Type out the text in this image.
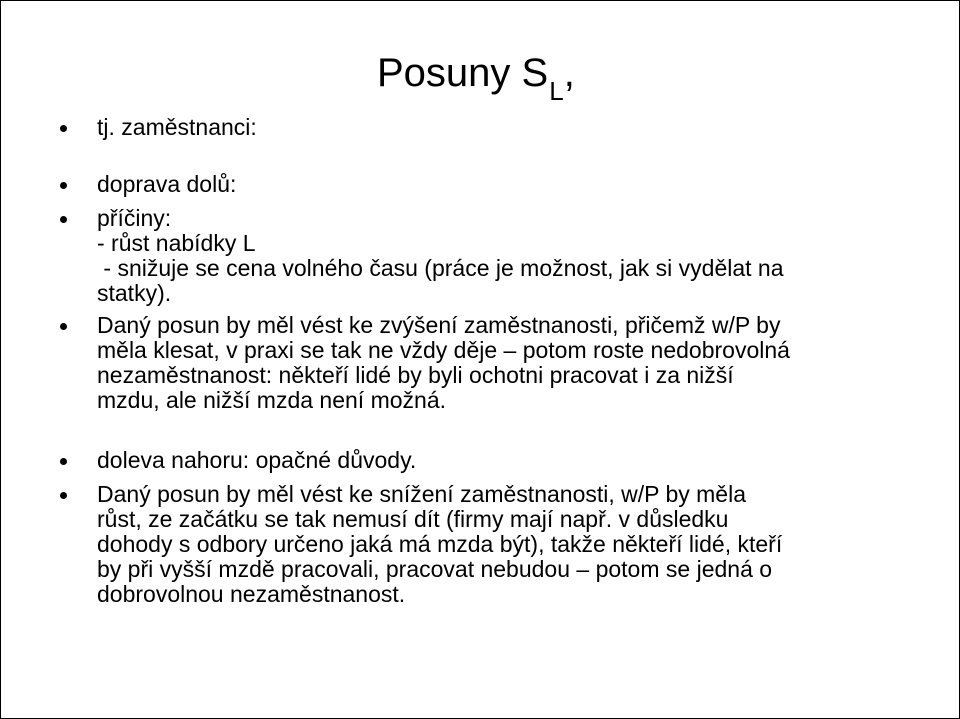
Posuny $S_L$,
tj. zaměstnanci:
doprava dolů:
příčiny:
- růst nabídky L
- snižuje se cena volného času (práce je možnost, jak si vydělat na
statky).
Daný posun by měl vést ke zvýšení zaměstnanosti, přičemž w/P by
měla klesat, v praxi se tak ne vždy děje – potom roste nedobrovolná
nezaměstnanost: někteří lidé by byli ochotni pracovat i za nižší
mzdu, ale nižší mzda není možná.
doleva nahoru: opačné důvody.
Daný posun by měl vést ke snížení zaměstnanosti, w/P by měla
růst, ze začátku se tak nemusí dít (firmy mají např. v důsledku
dohody s odbory určeno jaká má mzda být), takže někteří lidé, kteří
by při vyšší mzdě pracovali, pracovat nebudou – potom se jedná o
dobrovolnou nezaměstnanost.
